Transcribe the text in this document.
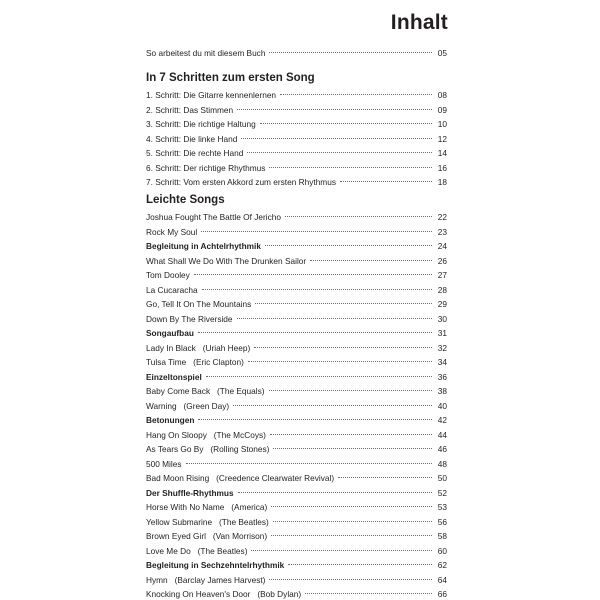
Inhalt
So arbeitest du mit diesem Buch	05
In 7 Schritten zum ersten Song
Leichte Songs
1. Schritt: Die Gitarre kennenlernen	08
2. Schritt: Das Stimmen	09
3. Schritt: Die richtige Haltung	10
4. Schritt: Die linke Hand	12
5. Schritt: Die rechte Hand	14
6. Schritt: Der richtige Rhythmus	16
7. Schritt: Vom ersten Akkord zum ersten Rhythmus	18
Joshua Fought The Battle Of Jericho	22
Rock My Soul	23
Begleitung in Achtelrhythmik	24
What Shall We Do With The Drunken Sailor	26
Tom Dooley	27
La Cucaracha	28
Go, Tell It On The Mountains	29
Down By The Riverside	30
Songaufbau	31
Lady In Black   (Uriah Heep)	32
Tulsa Time   (Eric Clapton)	34
Einzeltonspiel	36
Baby Come Back   (The Equals)	38
Warning   (Green Day)	40
Betonungen	42
Hang On Sloopy   (The McCoys)	44
As Tears Go By   (Rolling Stones)	46
500 Miles	48
Bad Moon Rising   (Creedence Clearwater Revival)	50
Der Shuffle-Rhythmus	52
Horse With No Name   (America)	53
Yellow Submarine   (The Beatles)	56
Brown Eyed Girl   (Van Morrison)	58
Love Me Do   (The Beatles)	60
Begleitung in Sechzehntelrhythmik	62
Hymn   (Barclay James Harvest)	64
Knocking On Heaven's Door   (Bob Dylan)	66
